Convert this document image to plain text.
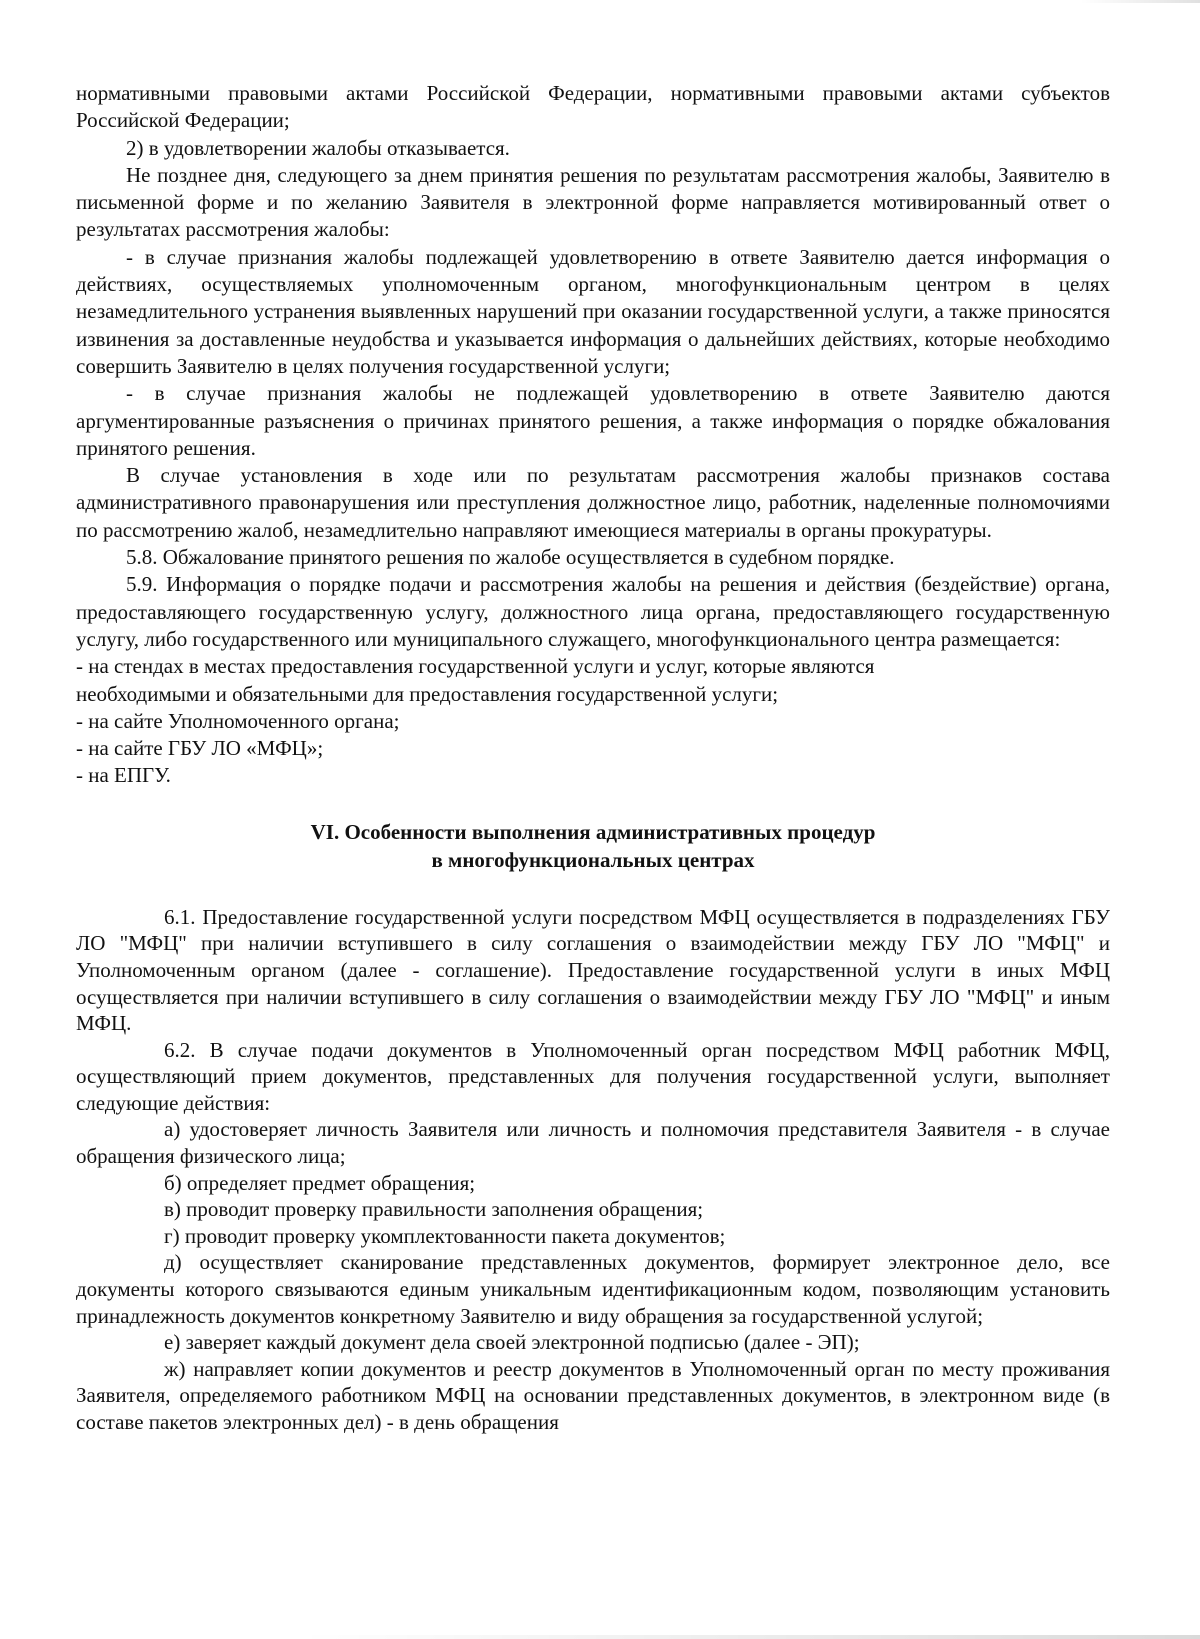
нормативными правовыми актами Российской Федерации, нормативными правовыми актами субъектов Российской Федерации;

2) в удовлетворении жалобы отказывается.

Не позднее дня, следующего за днем принятия решения по результатам рассмотрения жалобы, Заявителю в письменной форме и по желанию Заявителя в электронной форме направляется мотивированный ответ о результатах рассмотрения жалобы:

- в случае признания жалобы подлежащей удовлетворению в ответе Заявителю дается информация о действиях, осуществляемых уполномоченным органом, многофункциональным центром в целях незамедлительного устранения выявленных нарушений при оказании государственной услуги, а также приносятся извинения за доставленные неудобства и указывается информация о дальнейших действиях, которые необходимо совершить Заявителю в целях получения государственной услуги;

- в случае признания жалобы не подлежащей удовлетворению в ответе Заявителю даются аргументированные разъяснения о причинах принятого решения, а также информация о порядке обжалования принятого решения.

В случае установления в ходе или по результатам рассмотрения жалобы признаков состава административного правонарушения или преступления должностное лицо, работник, наделенные полномочиями по рассмотрению жалоб, незамедлительно направляют имеющиеся материалы в органы прокуратуры.

5.8. Обжалование принятого решения по жалобе осуществляется в судебном порядке.

5.9. Информация о порядке подачи и рассмотрения жалобы на решения и действия (бездействие) органа, предоставляющего государственную услугу, должностного лица органа, предоставляющего государственную услугу, либо государственного или муниципального служащего, многофункционального центра размещается:

- на стендах в местах предоставления государственной услуги и услуг, которые являются
необходимыми и обязательными для предоставления государственной услуги;
- на сайте Уполномоченного органа;
- на сайте ГБУ ЛО «МФЦ»;
- на ЕПГУ.
VI. Особенности выполнения административных процедур
в многофункциональных центрах

6.1. Предоставление государственной услуги посредством МФЦ осуществляется в подразделениях ГБУ ЛО "МФЦ" при наличии вступившего в силу соглашения о взаимодействии между ГБУ ЛО "МФЦ" и Уполномоченным органом (далее - соглашение). Предоставление государственной услуги в иных МФЦ осуществляется при наличии вступившего в силу соглашения о взаимодействии между ГБУ ЛО "МФЦ" и иным МФЦ.

6.2. В случае подачи документов в Уполномоченный орган посредством МФЦ работник МФЦ, осуществляющий прием документов, представленных для получения государственной услуги, выполняет следующие действия:

а) удостоверяет личность Заявителя или личность и полномочия представителя Заявителя - в случае обращения физического лица;

б) определяет предмет обращения;

в) проводит проверку правильности заполнения обращения;

г) проводит проверку укомплектованности пакета документов;

д) осуществляет сканирование представленных документов, формирует электронное дело, все документы которого связываются единым уникальным идентификационным кодом, позволяющим установить принадлежность документов конкретному Заявителю и виду обращения за государственной услугой;

е) заверяет каждый документ дела своей электронной подписью (далее - ЭП);

ж) направляет копии документов и реестр документов в Уполномоченный орган по месту проживания Заявителя, определяемого работником МФЦ на основании представленных документов, в электронном виде (в составе пакетов электронных дел) - в день обращения
